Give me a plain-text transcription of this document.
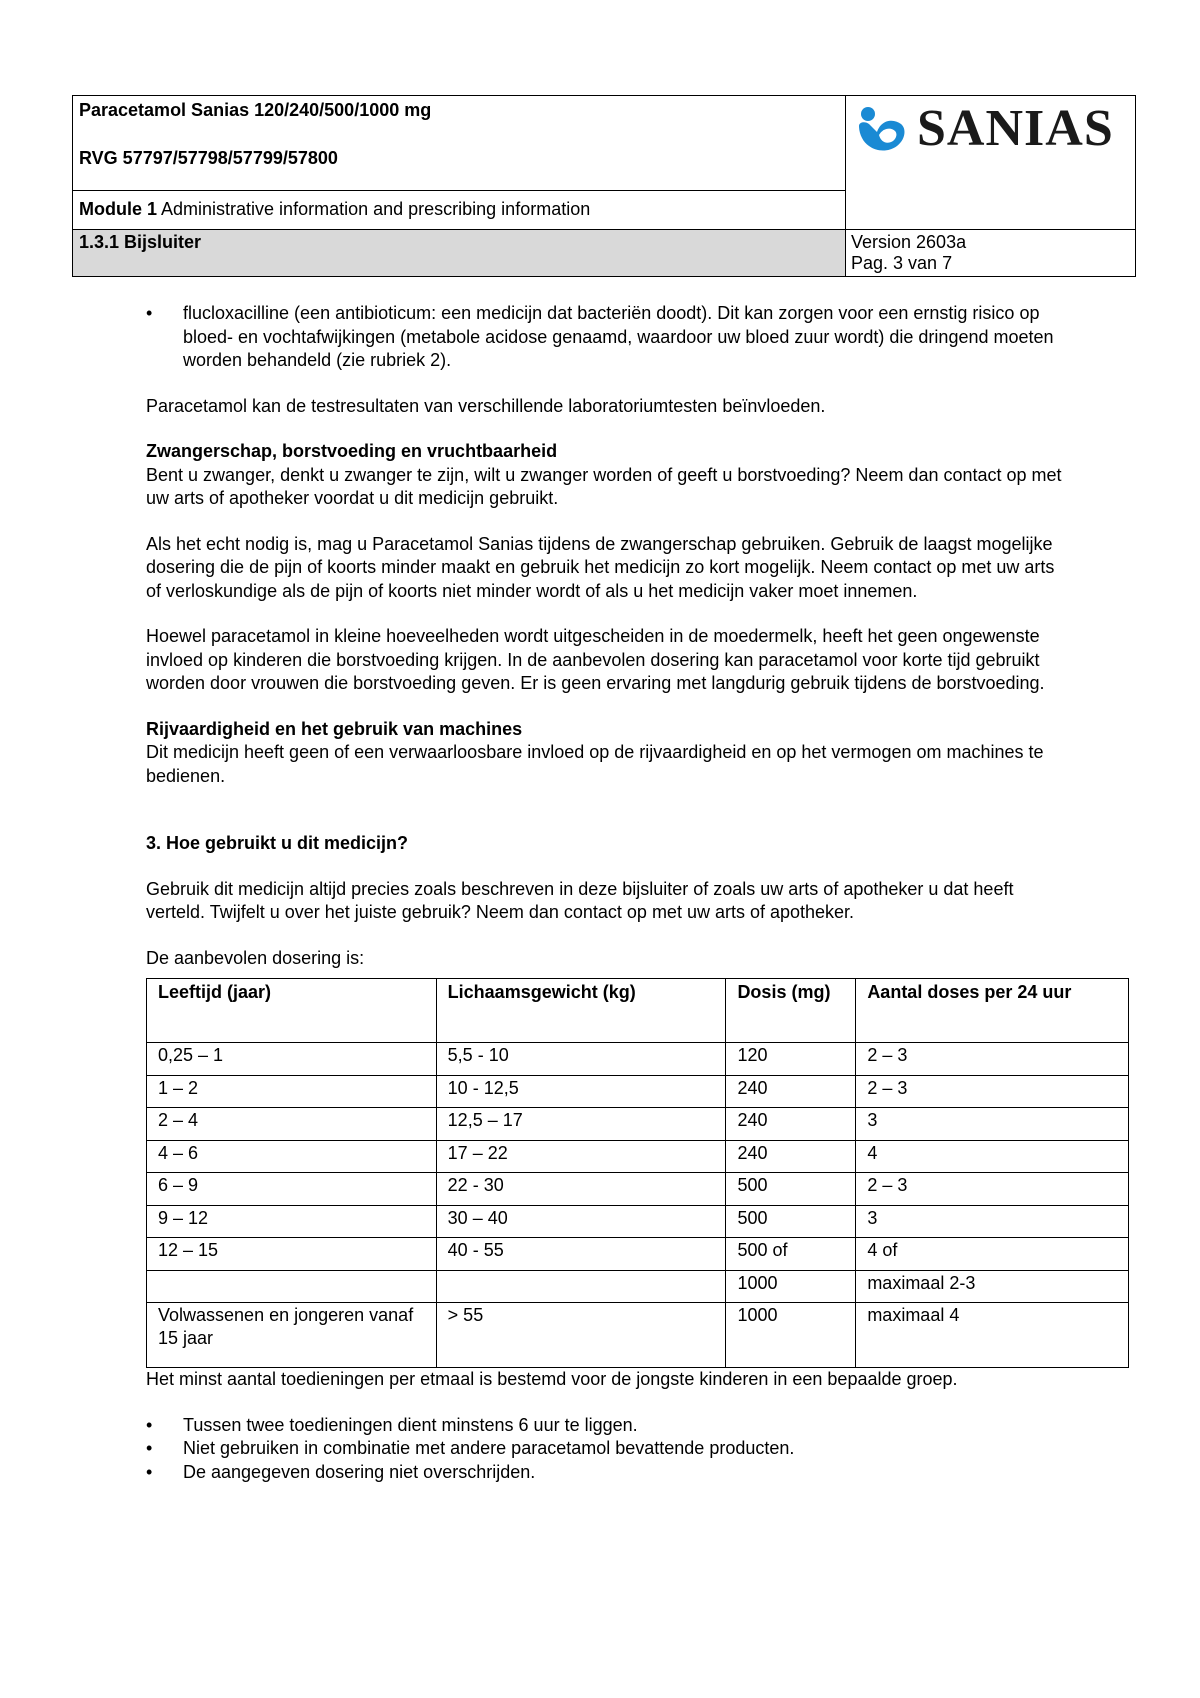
Paracetamol Sanias 120/240/500/1000 mg
RVG 57797/57798/57799/57800
Module 1 Administrative information and prescribing information
1.3.1 Bijsluiter
SANIAS
Version 2603a
Pag. 3 van 7
• flucloxacilline (een antibioticum: een medicijn dat bacteriën doodt). Dit kan zorgen voor een ernstig risico op bloed- en vochtafwijkingen (metabole acidose genaamd, waardoor uw bloed zuur wordt) die dringend moeten worden behandeld (zie rubriek 2).

Paracetamol kan de testresultaten van verschillende laboratoriumtesten beïnvloeden.

Zwangerschap, borstvoeding en vruchtbaarheid

Bent u zwanger, denkt u zwanger te zijn, wilt u zwanger worden of geeft u borstvoeding? Neem dan contact op met uw arts of apotheker voordat u dit medicijn gebruikt.

Als het echt nodig is, mag u Paracetamol Sanias tijdens de zwangerschap gebruiken. Gebruik de laagst mogelijke dosering die de pijn of koorts minder maakt en gebruik het medicijn zo kort mogelijk. Neem contact op met uw arts of verloskundige als de pijn of koorts niet minder wordt of als u het medicijn vaker moet innemen.

Hoewel paracetamol in kleine hoeveelheden wordt uitgescheiden in de moedermelk, heeft het geen ongewenste invloed op kinderen die borstvoeding krijgen. In de aanbevolen dosering kan paracetamol voor korte tijd gebruikt worden door vrouwen die borstvoeding geven. Er is geen ervaring met langdurig gebruik tijdens de borstvoeding.

Rijvaardigheid en het gebruik van machines

Dit medicijn heeft geen of een verwaarloosbare invloed op de rijvaardigheid en op het vermogen om machines te bedienen.

3. Hoe gebruikt u dit medicijn?

Gebruik dit medicijn altijd precies zoals beschreven in deze bijsluiter of zoals uw arts of apotheker u dat heeft verteld. Twijfelt u over het juiste gebruik? Neem dan contact op met uw arts of apotheker.

De aanbevolen dosering is:

Leeftijd (jaar)	Lichaamsgewicht (kg)	Dosis (mg)	Aantal doses per 24 uur
0,25 – 1	5,5 - 10	120	2 – 3
1 – 2	10 - 12,5	240	2 – 3
2 – 4	12,5 – 17	240	3
4 – 6	17 – 22	240	4
6 – 9	22 - 30	500	2 – 3
9 – 12	30 – 40	500	3
12 – 15	40 - 55	500 of	4 of
		1000	maximaal 2-3
Volwassenen en jongeren vanaf 15 jaar	> 55	1000	maximaal 4

Het minst aantal toedieningen per etmaal is bestemd voor de jongste kinderen in een bepaalde groep.

• Tussen twee toedieningen dient minstens 6 uur te liggen.
• Niet gebruiken in combinatie met andere paracetamol bevattende producten.
• De aangegeven dosering niet overschrijden.
